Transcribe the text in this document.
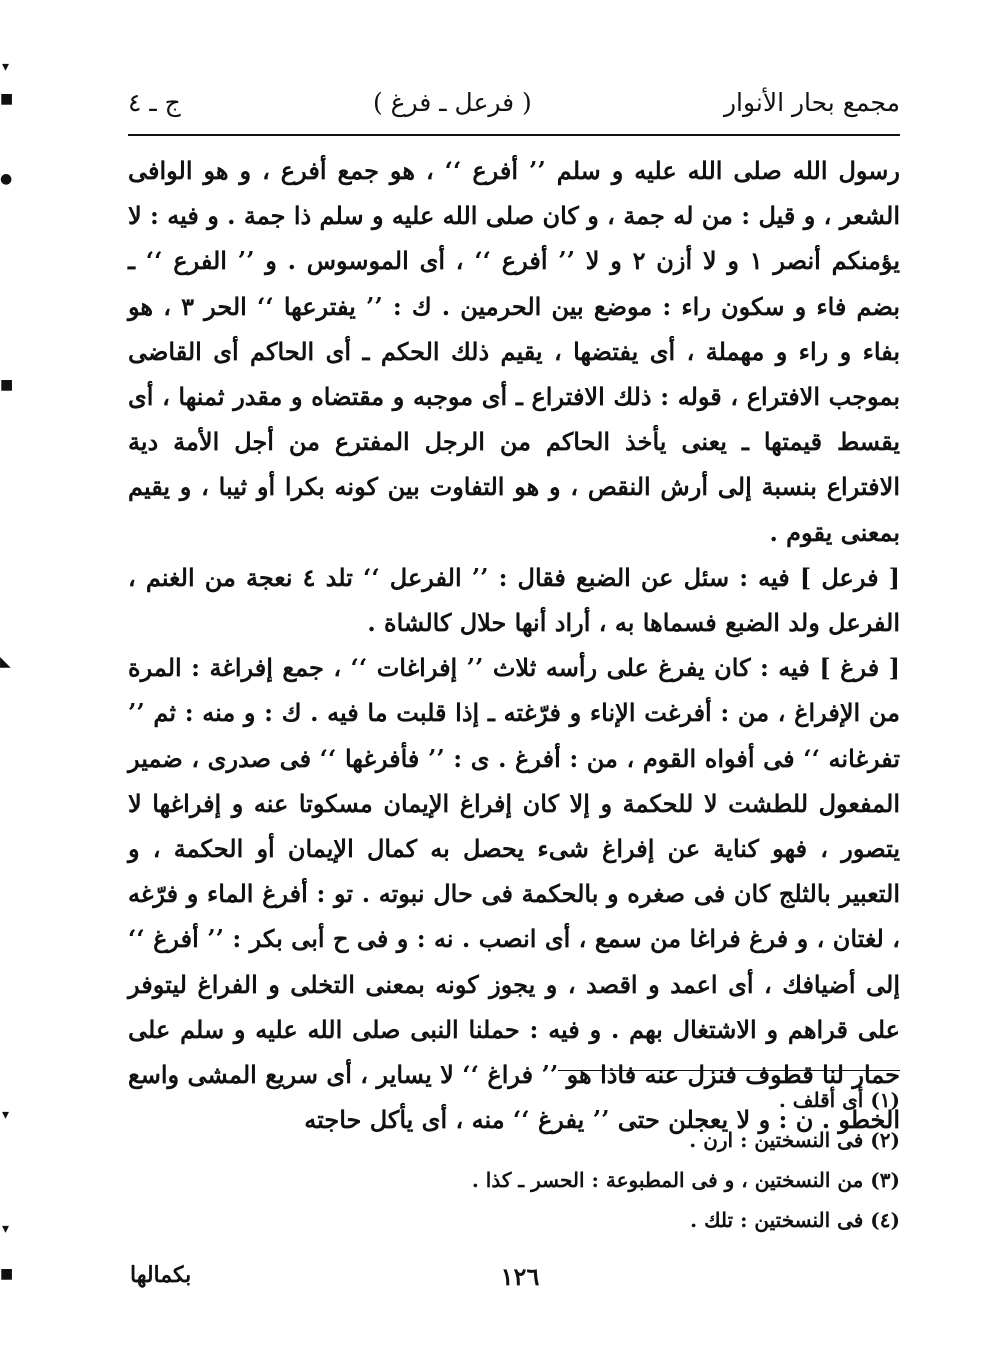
مجمع بحار الأنوار
( فرعل ـ فرغ )
ج ـ ٤

رسول الله صلى الله عليه و سلم ’’ أفرع ‘‘ ، هو جمع أفرع ، و هو الوافى الشعر ، و قيل : من له جمة ، و كان صلى الله عليه و سلم ذا جمة . و فيه : لا يؤمنكم أنصر ١ و لا أزن ٢ و لا ’’ أفرع ‘‘ ، أى الموسوس . و ’’ الفرع ‘‘ ـ بضم فاء و سكون راء : موضع بين الحرمين . ك : ’’ يفترعها ‘‘ الحر ٣ ، هو بفاء و راء و مهملة ، أى يفتضها ، يقيم ذلك الحكم ـ أى الحاكم أى القاضى بموجب الافتراع ، قوله : ذلك الافتراع ـ أى موجبه و مقتضاه و مقدر ثمنها ، أى يقسط قيمتها ـ يعنى يأخذ الحاكم من الرجل المفترع من أجل الأمة دية الافتراع بنسبة إلى أرش النقص ، و هو التفاوت بين كونه بكرا أو ثيبا ، و يقيم بمعنى يقوم .

[ فرعل ] فيه : سئل عن الضبع فقال : ’’ الفرعل ‘‘ تلد ٤ نعجة من الغنم ، الفرعل ولد الضبع فسماها به ، أراد أنها حلال كالشاة .

[ فرغ ] فيه : كان يفرغ على رأسه ثلاث ’’ إفراغات ‘‘ ، جمع إفراغة : المرة من الإفراغ ، من : أفرغت الإناء و فرّغته ـ إذا قلبت ما فيه . ك : و منه : ثم ’’ تفرغانه ‘‘ فى أفواه القوم ، من : أفرغ . ى : ’’ فأفرغها ‘‘ فى صدرى ، ضمير المفعول للطشت لا للحكمة و إلا كان إفراغ الإيمان مسكوتا عنه و إفراغها لا يتصور ، فهو كناية عن إفراغ شىء يحصل به كمال الإيمان أو الحكمة ، و التعبير بالثلج كان فى صغره و بالحكمة فى حال نبوته . تو : أفرغ الماء و فرّغه ، لغتان ، و فرغ فراغا من سمع ، أى انصب . نه : و فى ح أبى بكر : ’’ أفرغ ‘‘ إلى أضيافك ، أى اعمد و اقصد ، و يجوز كونه بمعنى التخلى و الفراغ ليتوفر على قراهم و الاشتغال بهم . و فيه : حملنا النبى صلى الله عليه و سلم على حمار لنا قطوف فنزل عنه فاذا هو ’’ فراغ ‘‘ لا يساير ، أى سريع المشى واسع الخطو . ن : و لا يعجلن حتى ’’ يفرغ ‘‘ منه ، أى يأكل حاجته

(١) أى أقلف .
(٢) فى النسختين : ارن .
(٣) من النسختين ، و فى المطبوعة : الحسر ـ كذا .
(٤) فى النسختين : تلك .
١٢٦
بكمالها
▾
■
●
■
◣
▾
▾
■
